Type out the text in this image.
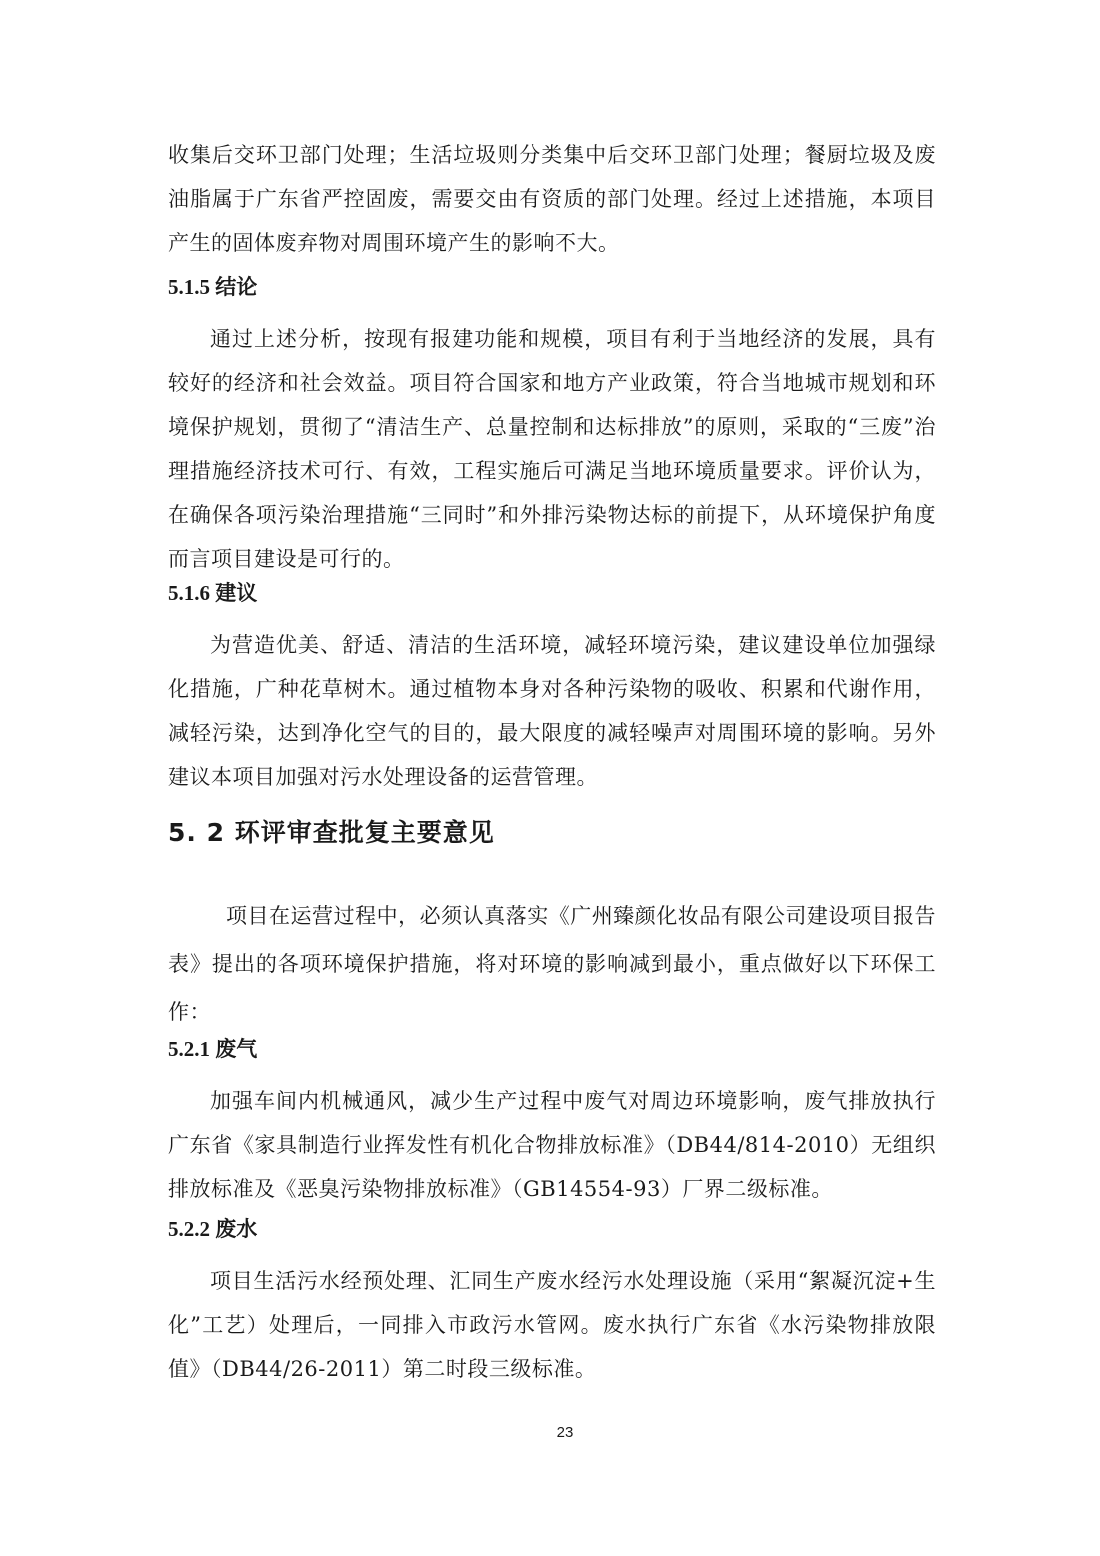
收集后交环卫部门处理；生活垃圾则分类集中后交环卫部门处理；餐厨垃圾及废油脂属于广东省严控固废，需要交由有资质的部门处理。经过上述措施，本项目产生的固体废弃物对周围环境产生的影响不大。

5.1.5 结论

通过上述分析，按现有报建功能和规模，项目有利于当地经济的发展，具有较好的经济和社会效益。项目符合国家和地方产业政策，符合当地城市规划和环境保护规划，贯彻了“清洁生产、总量控制和达标排放”的原则，采取的“三废”治理措施经济技术可行、有效，工程实施后可满足当地环境质量要求。评价认为，在确保各项污染治理措施“三同时”和外排污染物达标的前提下，从环境保护角度而言项目建设是可行的。

5.1.6 建议

为营造优美、舒适、清洁的生活环境，减轻环境污染，建议建设单位加强绿化措施，广种花草树木。通过植物本身对各种污染物的吸收、积累和代谢作用，减轻污染，达到净化空气的目的，最大限度的减轻噪声对周围环境的影响。另外建议本项目加强对污水处理设备的运营管理。

5. 2 环评审查批复主要意见

项目在运营过程中，必须认真落实《广州臻颜化妆品有限公司建设项目报告表》提出的各项环境保护措施，将对环境的影响减到最小，重点做好以下环保工作：

5.2.1 废气

加强车间内机械通风，减少生产过程中废气对周边环境影响，废气排放执行广东省《家具制造行业挥发性有机化合物排放标准》（DB44/814-2010）无组织排放标准及《恶臭污染物排放标准》（GB14554-93）厂界二级标准。

5.2.2 废水

项目生活污水经预处理、汇同生产废水经污水处理设施（采用“絮凝沉淀+生化”工艺）处理后，一同排入市政污水管网。废水执行广东省《水污染物排放限值》（DB44/26-2011）第二时段三级标准。

23
